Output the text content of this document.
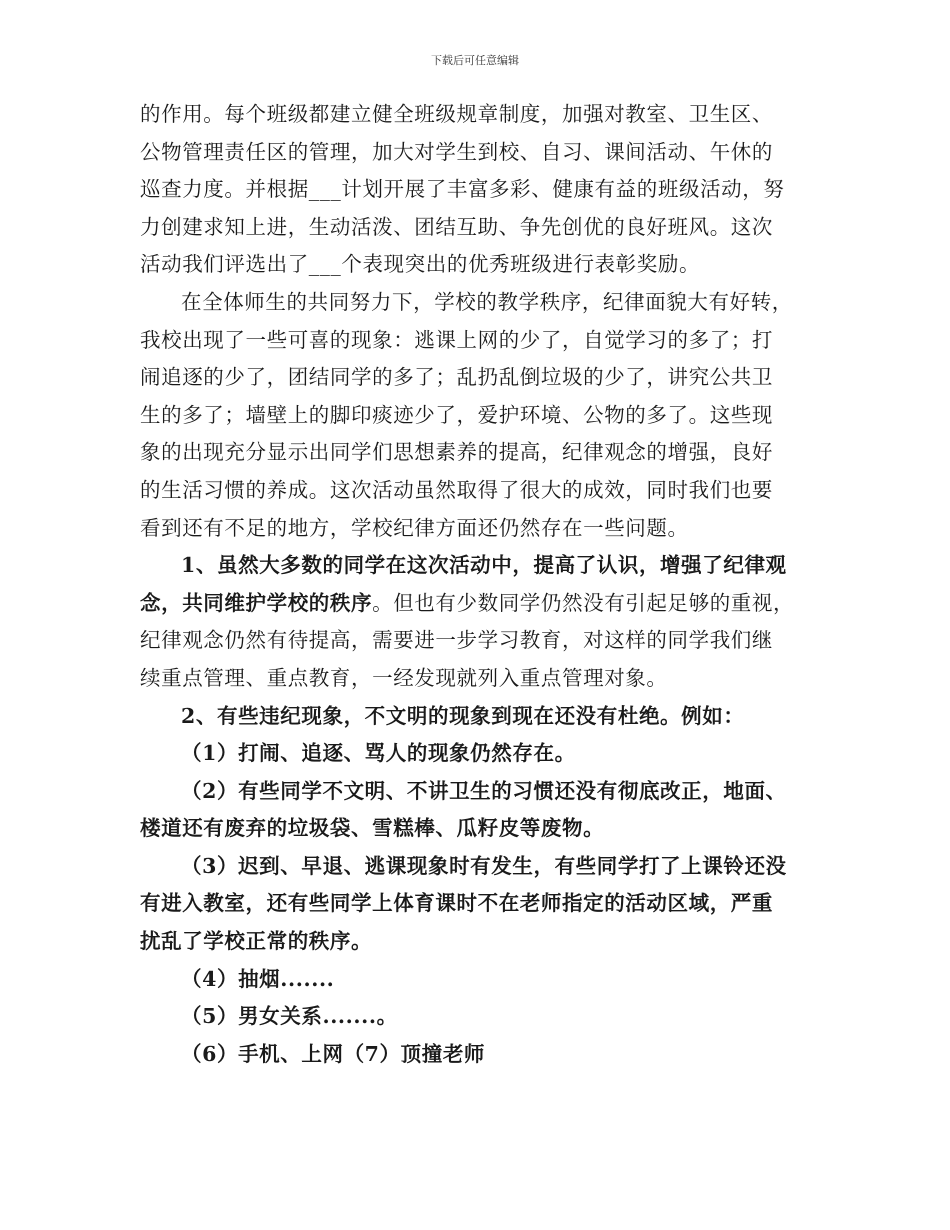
下载后可任意编辑
的作用。每个班级都建立健全班级规章制度，加强对教室、卫生区、
公物管理责任区的管理，加大对学生到校、自习、课间活动、午休的
巡查力度。并根据___计划开展了丰富多彩、健康有益的班级活动，努
力创建求知上进，生动活泼、团结互助、争先创优的良好班风。这次
活动我们评选出了___个表现突出的优秀班级进行表彰奖励。
在全体师生的共同努力下，学校的教学秩序，纪律面貌大有好转，
我校出现了一些可喜的现象：逃课上网的少了，自觉学习的多了；打
闹追逐的少了，团结同学的多了；乱扔乱倒垃圾的少了，讲究公共卫
生的多了；墙壁上的脚印痰迹少了，爱护环境、公物的多了。这些现
象的出现充分显示出同学们思想素养的提高，纪律观念的增强，良好
的生活习惯的养成。这次活动虽然取得了很大的成效，同时我们也要
看到还有不足的地方，学校纪律方面还仍然存在一些问题。
1、虽然大多数的同学在这次活动中，提高了认识，增强了纪律观
念，共同维护学校的秩序。但也有少数同学仍然没有引起足够的重视，
纪律观念仍然有待提高，需要进一步学习教育，对这样的同学我们继
续重点管理、重点教育，一经发现就列入重点管理对象。
2、有些违纪现象，不文明的现象到现在还没有杜绝。例如：
（1）打闹、追逐、骂人的现象仍然存在。
（2）有些同学不文明、不讲卫生的习惯还没有彻底改正，地面、
楼道还有废弃的垃圾袋、雪糕棒、瓜籽皮等废物。
（3）迟到、早退、逃课现象时有发生，有些同学打了上课铃还没
有进入教室，还有些同学上体育课时不在老师指定的活动区域，严重
扰乱了学校正常的秩序。
（4）抽烟.......
（5）男女关系.......。
（6）手机、上网（7）顶撞老师
